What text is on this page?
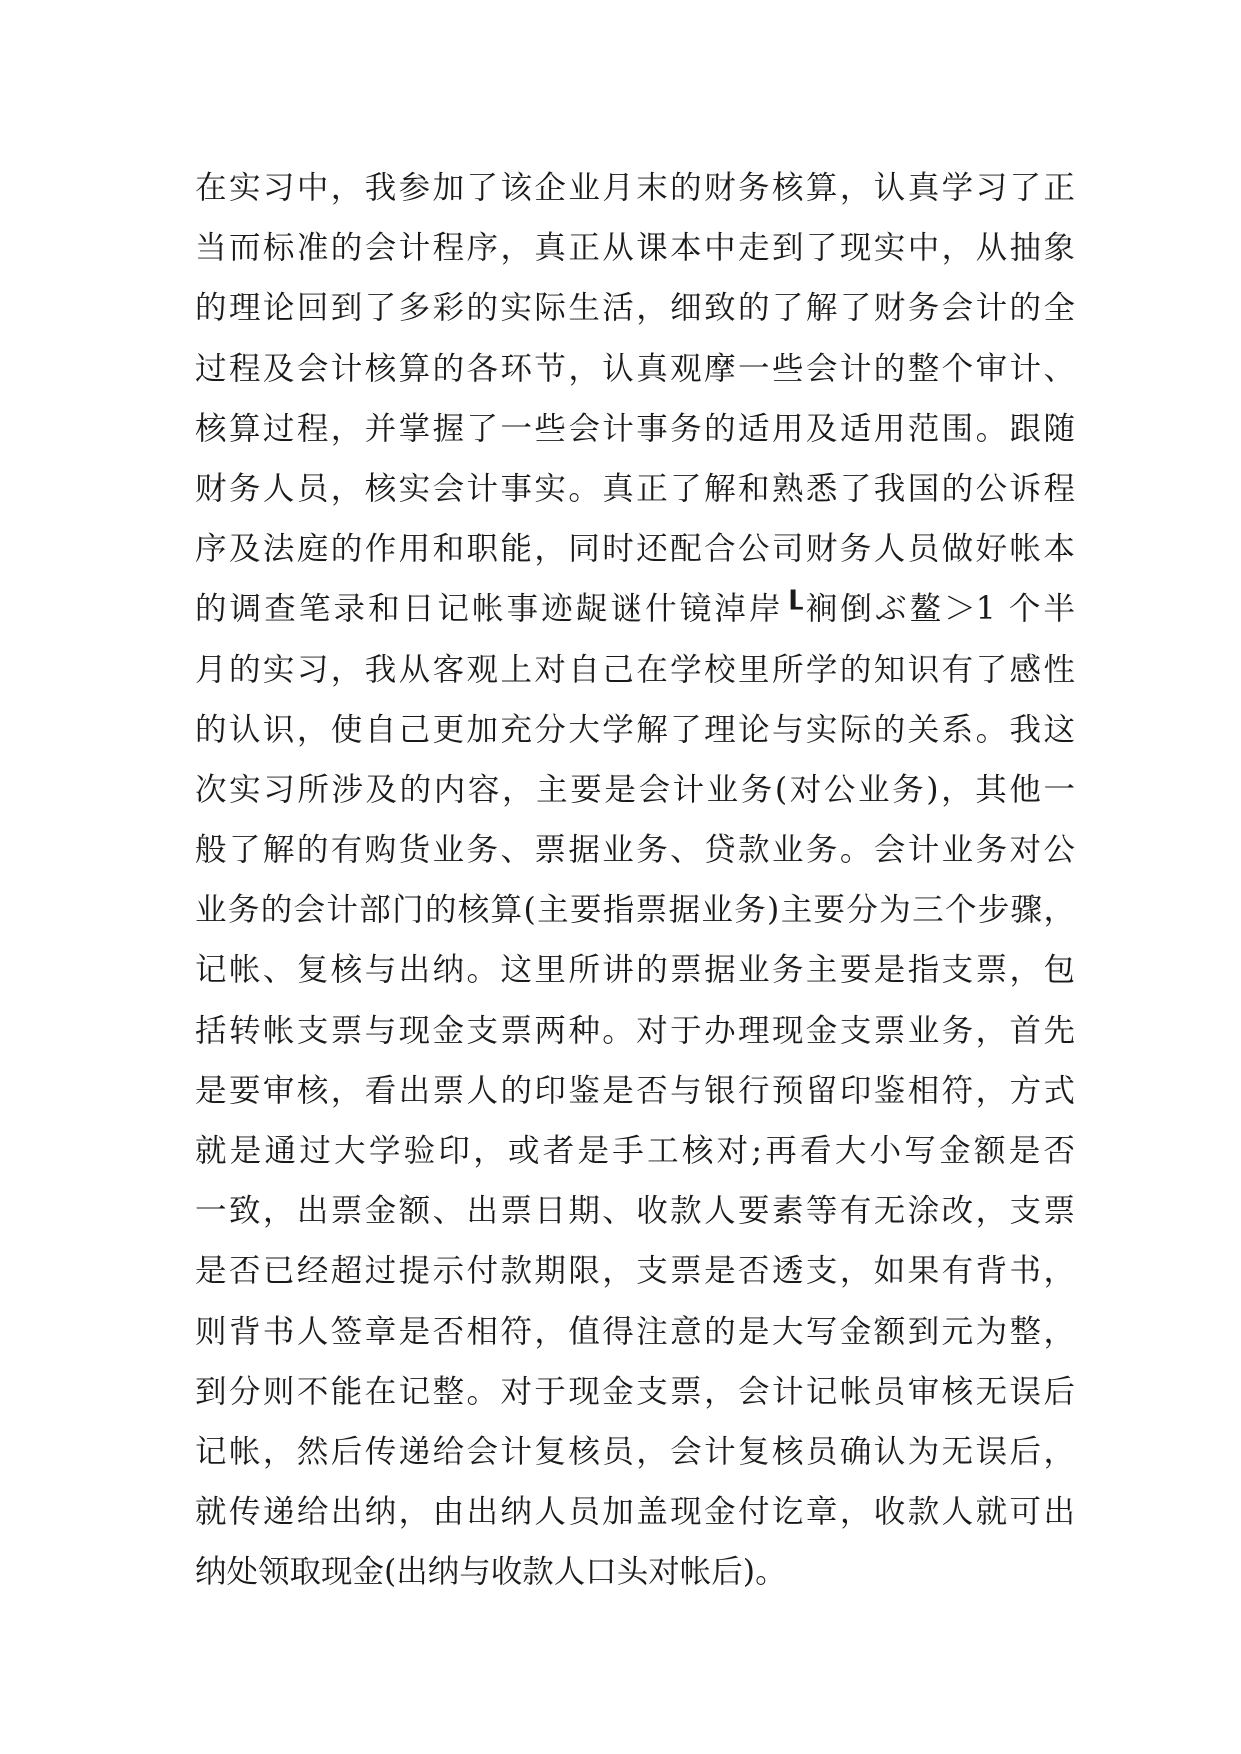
在实习中，我参加了该企业月末的财务核算，认真学习了正
当而标准的会计程序，真正从课本中走到了现实中，从抽象
的理论回到了多彩的实际生活，细致的了解了财务会计的全
过程及会计核算的各环节，认真观摩一些会计的整个审计、
核算过程，并掌握了一些会计事务的适用及适用范围。跟随
财务人员，核实会计事实。真正了解和熟悉了我国的公诉程
序及法庭的作用和职能，同时还配合公司财务人员做好帐本
的调查笔录和日记帐事迹龊谜什镜淖岸┖裥倒ぶ鳌＞1 个半
月的实习，我从客观上对自己在学校里所学的知识有了感性
的认识，使自己更加充分大学解了理论与实际的关系。我这
次实习所涉及的内容，主要是会计业务(对公业务)，其他一
般了解的有购货业务、票据业务、贷款业务。会计业务对公
业务的会计部门的核算(主要指票据业务)主要分为三个步骤，
记帐、复核与出纳。这里所讲的票据业务主要是指支票，包
括转帐支票与现金支票两种。对于办理现金支票业务，首先
是要审核，看出票人的印鉴是否与银行预留印鉴相符，方式
就是通过大学验印，或者是手工核对;再看大小写金额是否
一致，出票金额、出票日期、收款人要素等有无涂改，支票
是否已经超过提示付款期限，支票是否透支，如果有背书，
则背书人签章是否相符，值得注意的是大写金额到元为整，
到分则不能在记整。对于现金支票，会计记帐员审核无误后
记帐，然后传递给会计复核员，会计复核员确认为无误后，
就传递给出纳，由出纳人员加盖现金付讫章，收款人就可出
纳处领取现金(出纳与收款人口头对帐后)。
